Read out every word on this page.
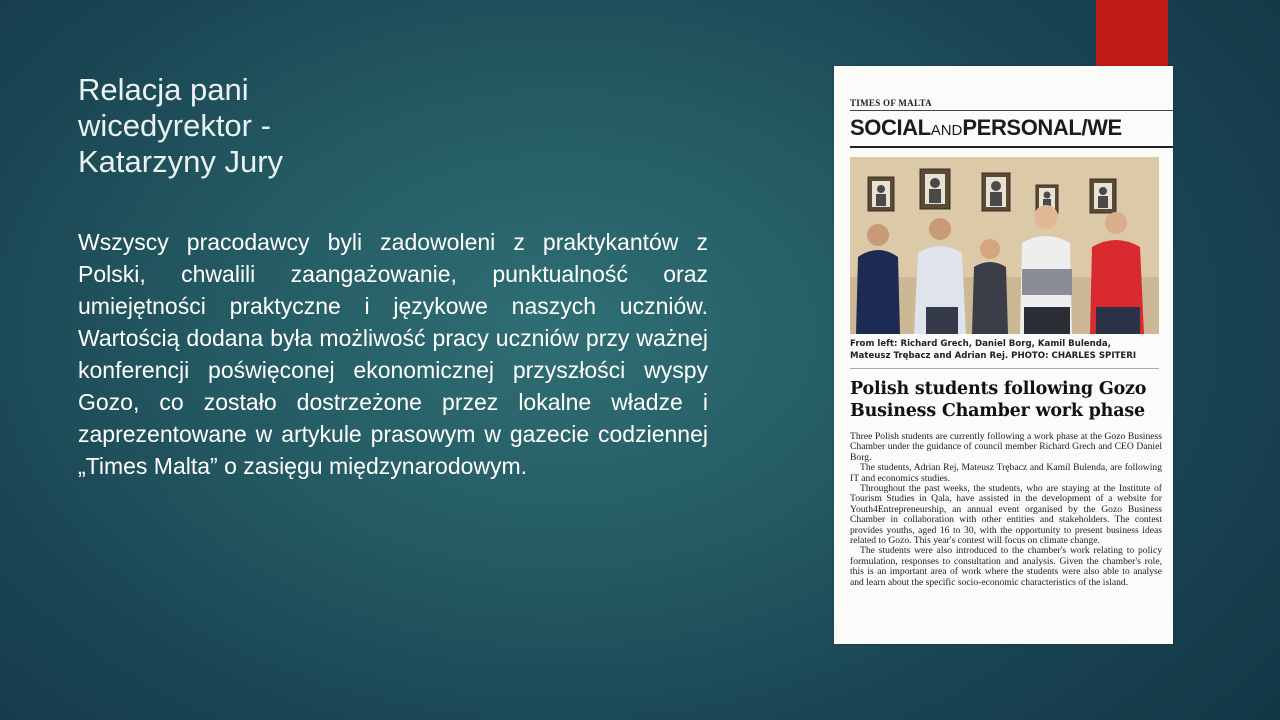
Relacja pani wicedyrektor - Katarzyny Jury

Wszyscy pracodawcy byli zadowoleni z praktykantów z Polski, chwalili zaangażowanie, punktualność oraz umiejętności praktyczne i językowe naszych uczniów. Wartością dodana była możliwość pracy uczniów przy ważnej konferencji poświęconej ekonomicznej przyszłości wyspy Gozo, co zostało dostrzeżone przez lokalne władze i zaprezentowane w artykule prasowym w gazecie codziennej „Times Malta” o zasięgu międzynarodowym.

TIMES OF MALTA
SOCIALANDPERSONAL/WE
From left: Richard Grech, Daniel Borg, Kamil Bulenda, Mateusz Trębacz and Adrian Rej. PHOTO: CHARLES SPITERI
Polish students following Gozo Business Chamber work phase

Three Polish students are currently following a work phase at the Gozo Business Chamber under the guidance of council member Richard Grech and CEO Daniel Borg.

The students, Adrian Rej, Mateusz Trębacz and Kamil Bulenda, are following IT and economics studies.

Throughout the past weeks, the students, who are staying at the Institute of Tourism Studies in Qala, have assisted in the development of a website for Youth4Entrepreneurship, an annual event organised by the Gozo Business Chamber in collaboration with other entities and stakeholders. The contest provides youths, aged 16 to 30, with the opportunity to present business ideas related to Gozo. This year's contest will focus on climate change.

The students were also introduced to the chamber's work relating to policy formulation, responses to consultation and analysis. Given the chamber's role, this is an important area of work where the students were also able to analyse and learn about the specific socio-economic characteristics of the island.
